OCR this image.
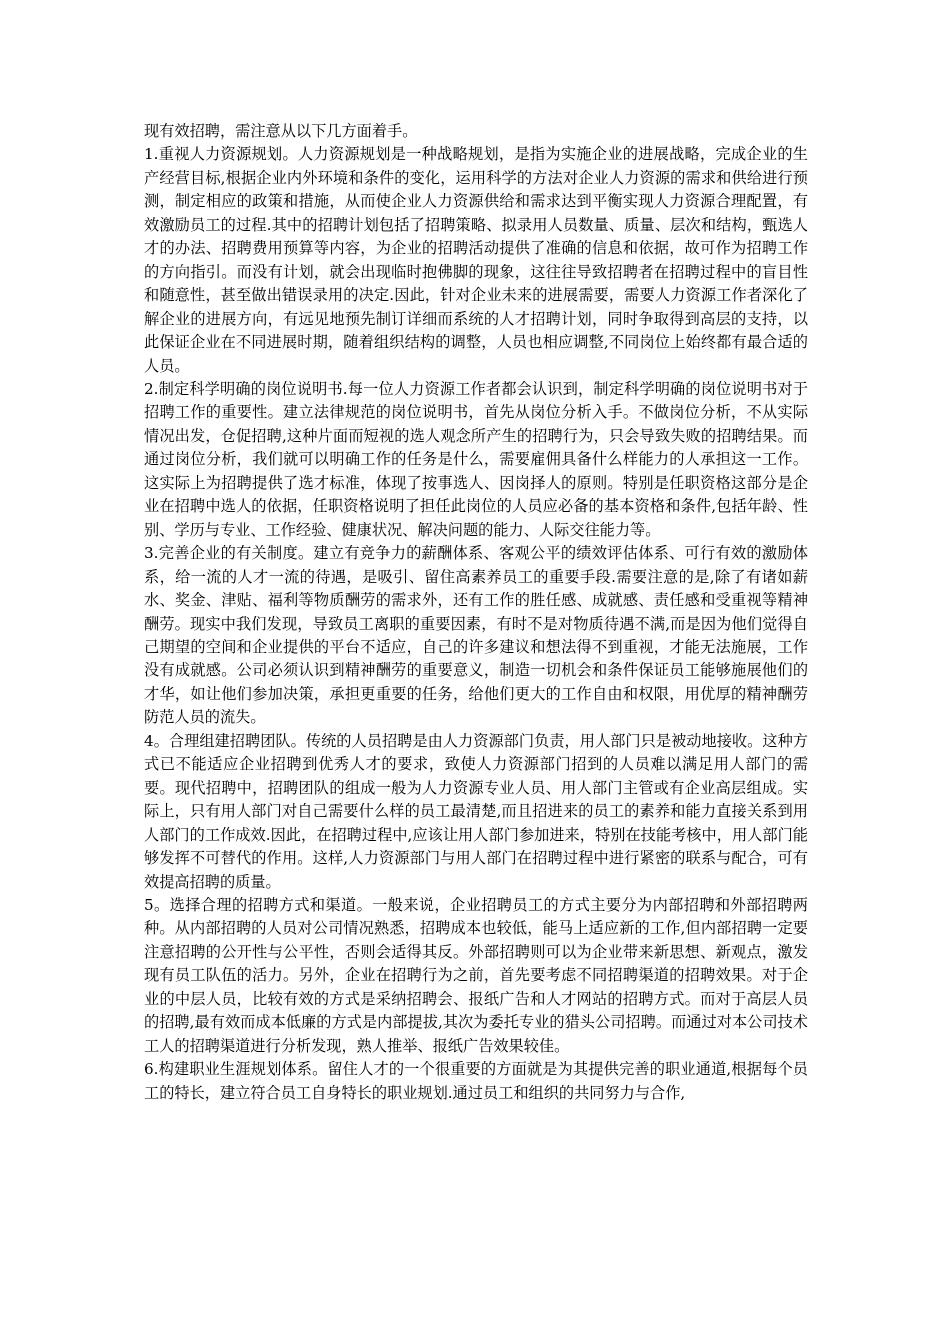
现有效招聘，需注意从以下几方面着手。

1.重视人力资源规划。人力资源规划是一种战略规划，是指为实施企业的进展战略，完成企业的生产经营目标,根据企业内外环境和条件的变化，运用科学的方法对企业人力资源的需求和供给进行预测，制定相应的政策和措施，从而使企业人力资源供给和需求达到平衡实现人力资源合理配置，有效激励员工的过程.其中的招聘计划包括了招聘策略、拟录用人员数量、质量、层次和结构，甄选人才的办法、招聘费用预算等内容，为企业的招聘活动提供了准确的信息和依据，故可作为招聘工作的方向指引。而没有计划，就会出现临时抱佛脚的现象，这往往导致招聘者在招聘过程中的盲目性和随意性，甚至做出错误录用的决定.因此，针对企业未来的进展需要，需要人力资源工作者深化了解企业的进展方向，有远见地预先制订详细而系统的人才招聘计划，同时争取得到高层的支持，以此保证企业在不同进展时期，随着组织结构的调整，人员也相应调整,不同岗位上始终都有最合适的人员。

2.制定科学明确的岗位说明书.每一位人力资源工作者都会认识到，制定科学明确的岗位说明书对于招聘工作的重要性。建立法律规范的岗位说明书，首先从岗位分析入手。不做岗位分析，不从实际情况出发，仓促招聘,这种片面而短视的选人观念所产生的招聘行为，只会导致失败的招聘结果。而通过岗位分析，我们就可以明确工作的任务是什么，需要雇佣具备什么样能力的人承担这一工作。这实际上为招聘提供了选才标准，体现了按事选人、因岗择人的原则。特别是任职资格这部分是企业在招聘中选人的依据，任职资格说明了担任此岗位的人员应必备的基本资格和条件,包括年龄、性别、学历与专业、工作经验、健康状况、解决问题的能力、人际交往能力等。

3.完善企业的有关制度。建立有竞争力的薪酬体系、客观公平的绩效评估体系、可行有效的激励体系，给一流的人才一流的待遇，是吸引、留住高素养员工的重要手段.需要注意的是,除了有诸如薪水、奖金、津贴、福利等物质酬劳的需求外，还有工作的胜任感、成就感、责任感和受重视等精神酬劳。现实中我们发现，导致员工离职的重要因素，有时不是对物质待遇不满,而是因为他们觉得自己期望的空间和企业提供的平台不适应，自己的许多建议和想法得不到重视，才能无法施展，工作没有成就感。公司必须认识到精神酬劳的重要意义，制造一切机会和条件保证员工能够施展他们的才华，如让他们参加决策，承担更重要的任务，给他们更大的工作自由和权限，用优厚的精神酬劳防范人员的流失。

4。合理组建招聘团队。传统的人员招聘是由人力资源部门负责，用人部门只是被动地接收。这种方式已不能适应企业招聘到优秀人才的要求，致使人力资源部门招到的人员难以满足用人部门的需要。现代招聘中，招聘团队的组成一般为人力资源专业人员、用人部门主管或有企业高层组成。实际上，只有用人部门对自己需要什么样的员工最清楚,而且招进来的员工的素养和能力直接关系到用人部门的工作成效.因此，在招聘过程中,应该让用人部门参加进来，特别在技能考核中，用人部门能够发挥不可替代的作用。这样,人力资源部门与用人部门在招聘过程中进行紧密的联系与配合，可有效提高招聘的质量。

5。选择合理的招聘方式和渠道。一般来说，企业招聘员工的方式主要分为内部招聘和外部招聘两种。从内部招聘的人员对公司情况熟悉，招聘成本也较低，能马上适应新的工作,但内部招聘一定要注意招聘的公开性与公平性，否则会适得其反。外部招聘则可以为企业带来新思想、新观点，激发现有员工队伍的活力。另外，企业在招聘行为之前，首先要考虑不同招聘渠道的招聘效果。对于企业的中层人员，比较有效的方式是采纳招聘会、报纸广告和人才网站的招聘方式。而对于高层人员的招聘,最有效而成本低廉的方式是内部提拔,其次为委托专业的猎头公司招聘。而通过对本公司技术工人的招聘渠道进行分析发现，熟人推举、报纸广告效果较佳。

6.构建职业生涯规划体系。留住人才的一个很重要的方面就是为其提供完善的职业通道,根据每个员工的特长，建立符合员工自身特长的职业规划.通过员工和组织的共同努力与合作,
